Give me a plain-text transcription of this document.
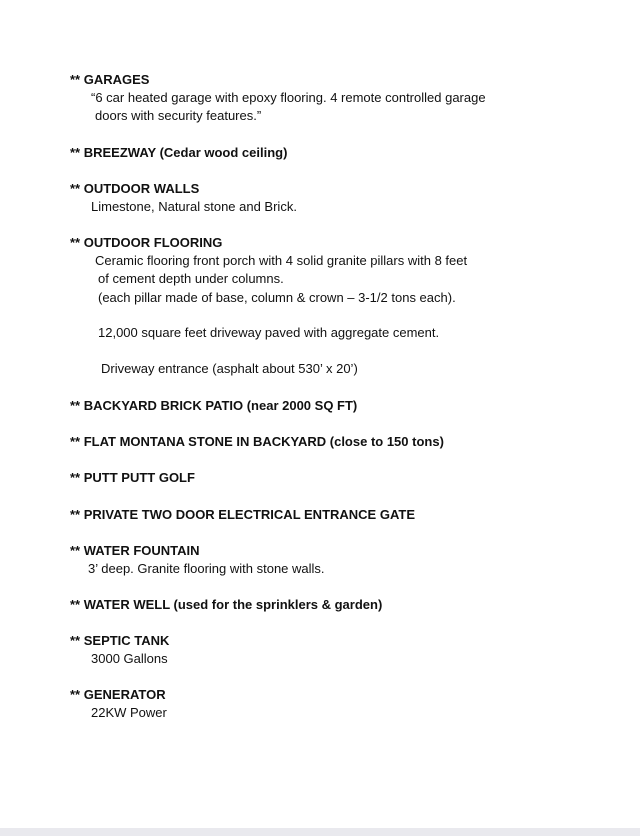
** GARAGES
“6 car heated garage with epoxy flooring. 4 remote controlled garage
doors with security features.”
** BREEZWAY (Cedar wood ceiling)
** OUTDOOR WALLS
Limestone, Natural stone and Brick.
** OUTDOOR FLOORING
Ceramic flooring front porch with 4 solid granite pillars with 8 feet
of cement depth under columns.
(each pillar made of base, column & crown – 3-1/2 tons each).
12,000 square feet driveway paved with aggregate cement.
Driveway entrance (asphalt about 530’ x 20’)
** BACKYARD BRICK PATIO (near 2000 SQ FT)
** FLAT MONTANA STONE IN BACKYARD (close to 150 tons)
** PUTT PUTT GOLF
** PRIVATE TWO DOOR ELECTRICAL ENTRANCE GATE
** WATER FOUNTAIN
3’ deep. Granite flooring with stone walls.
** WATER WELL (used for the sprinklers & garden)
** SEPTIC TANK
3000 Gallons
** GENERATOR
22KW Power
